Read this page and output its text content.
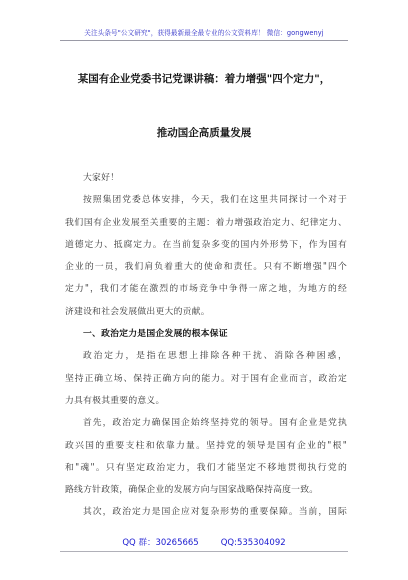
关注头条号"公文研究"，获得最新最全最专业的公文资料库！ 微信：gongwenyj
某国有企业党委书记党课讲稿：着力增强"四个定力"，
推动国企高质量发展
大家好！
按照集团党委总体安排，今天，我们在这里共同探讨一个对于
我们国有企业发展至关重要的主题：着力增强政治定力、纪律定力、
道德定力、抵腐定力。在当前复杂多变的国内外形势下，作为国有
企业的一员，我们肩负着重大的使命和责任。只有不断增强"四个
定力"，我们才能在激烈的市场竞争中争得一席之地，为地方的经
济建设和社会发展做出更大的贡献。
一、政治定力是国企发展的根本保证
政治定力，是指在思想上排除各种干扰、消除各种困惑，
坚持正确立场、保持正确方向的能力。对于国有企业而言，政治定
力具有极其重要的意义。
首先，政治定力确保国企始终坚持党的领导。国有企业是党执
政兴国的重要支柱和依靠力量。坚持党的领导是国有企业的"根"
和"魂"。只有坚定政治定力，我们才能坚定不移地贯彻执行党的
路线方针政策，确保企业的发展方向与国家战略保持高度一致。
其次，政治定力是国企应对复杂形势的重要保障。当前，国际
QQ 群：30265665	QQ:535304092
